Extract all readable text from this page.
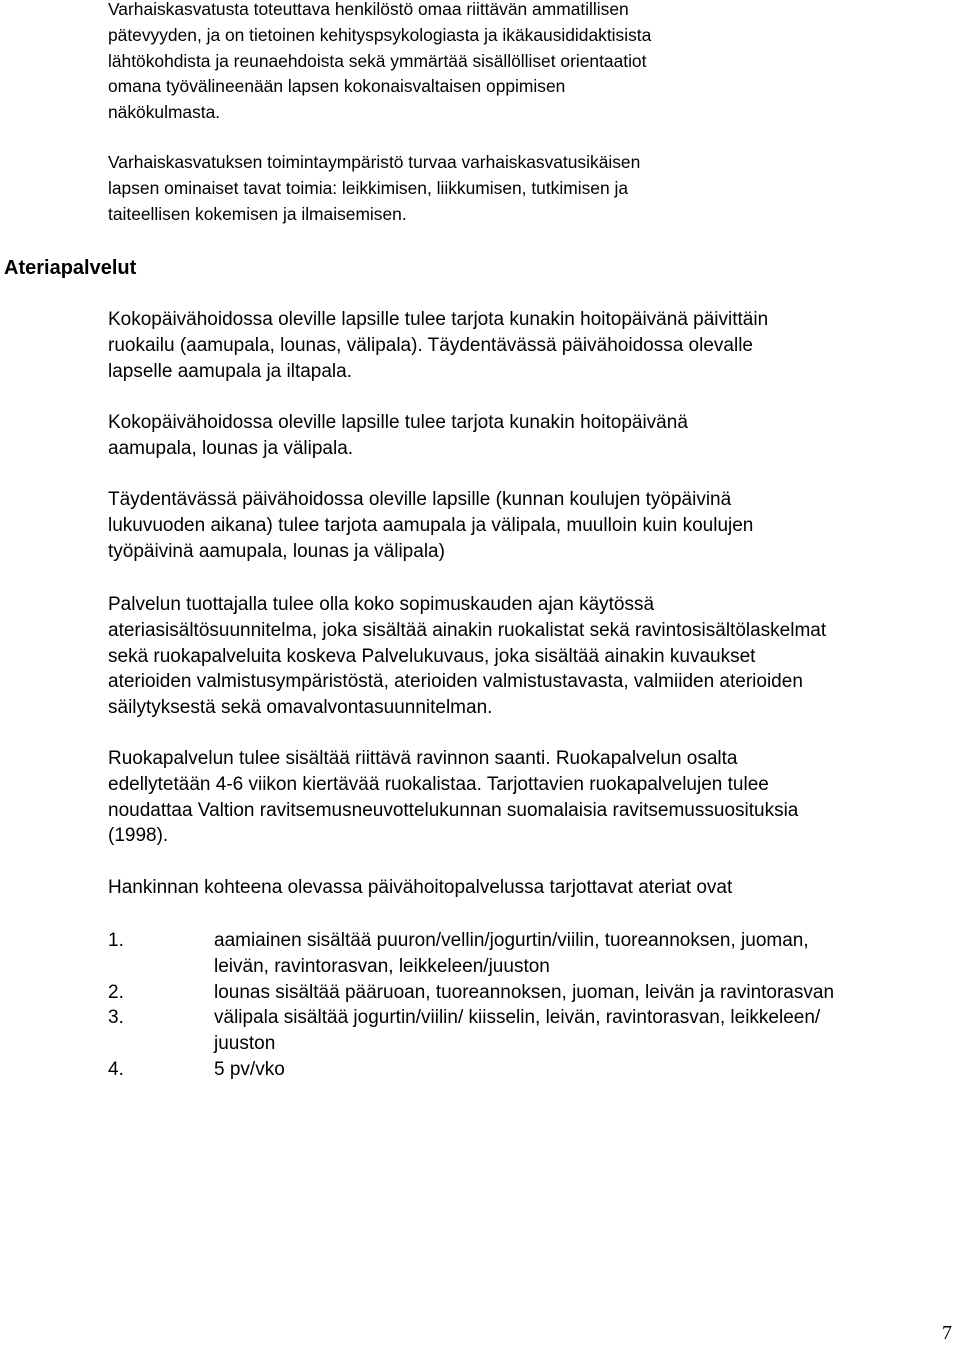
Ateriapalvelut

Varhaiskasvatusta toteuttava henkilöstö omaa riittävän ammatillisen
pätevyyden, ja on tietoinen kehityspsykologiasta ja ikäkausididaktisista
lähtökohdista ja reunaehdoista sekä ymmärtää sisällölliset orientaatiot
omana työvälineenään lapsen kokonaisvaltaisen oppimisen
näkökulmasta.

Varhaiskasvatuksen toimintaympäristö turvaa varhaiskasvatusikäisen
lapsen ominaiset tavat toimia: leikkimisen, liikkumisen, tutkimisen ja
taiteellisen kokemisen ja ilmaisemisen.

Kokopäivähoidossa oleville lapsille tulee tarjota kunakin hoitopäivänä päivittäin
ruokailu (aamupala, lounas, välipala). Täydentävässä päivähoidossa olevalle
lapselle aamupala ja iltapala.

Kokopäivähoidossa oleville lapsille tulee tarjota kunakin hoitopäivänä
aamupala, lounas ja välipala.

Täydentävässä päivähoidossa oleville lapsille (kunnan koulujen työpäivinä
lukuvuoden aikana) tulee tarjota aamupala ja välipala, muulloin kuin koulujen
työpäivinä aamupala, lounas ja välipala)

Palvelun tuottajalla tulee olla koko sopimuskauden ajan käytössä
ateriasisältösuunnitelma, joka sisältää ainakin ruokalistat sekä ravintosisältölaskelmat
sekä ruokapalveluita koskeva Palvelukuvaus, joka sisältää ainakin kuvaukset
aterioiden valmistusympäristöstä, aterioiden valmistustavasta, valmiiden aterioiden
säilytyksestä sekä omavalvontasuunnitelman.

Ruokapalvelun tulee sisältää riittävä ravinnon saanti. Ruokapalvelun osalta
edellytetään 4-6 viikon kiertävää ruokalistaa. Tarjottavien ruokapalvelujen tulee
noudattaa Valtion ravitsemusneuvottelukunnan suomalaisia ravitsemussuosituksia
(1998).

Hankinnan kohteena olevassa päivähoitopalvelussa tarjottavat ateriat ovat

1.	aamiainen sisältää puuron/vellin/jogurtin/viilin, tuoreannoksen, juoman,
leivän, ravintorasvan, leikkeleen/juuston
2.	lounas sisältää pääruoan, tuoreannoksen, juoman, leivän ja ravintorasvan
3.	välipala sisältää jogurtin/viilin/ kiisselin, leivän, ravintorasvan, leikkeleen/
juuston
4.	5 pv/vko
7
